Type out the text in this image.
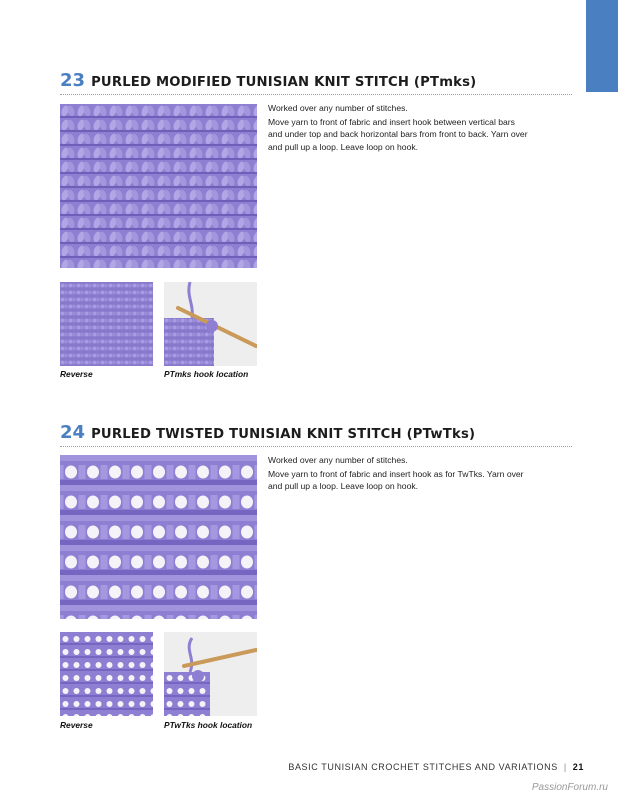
23 PURLED MODIFIED TUNISIAN KNIT STITCH (PTmks)

Worked over any number of stitches.

Move yarn to front of fabric and insert hook between vertical bars and under top and back horizontal bars from front to back. Yarn over and pull up a loop. Leave loop on hook.

Reverse	PTmks hook location
24 PURLED TWISTED TUNISIAN KNIT STITCH (PTwTks)

Worked over any number of stitches.

Move yarn to front of fabric and insert hook as for TwTks. Yarn over and pull up a loop. Leave loop on hook.

Reverse	PTwTks hook location
BASIC TUNISIAN CROCHET STITCHES AND VARIATIONS | 21
PassionForum.ru
